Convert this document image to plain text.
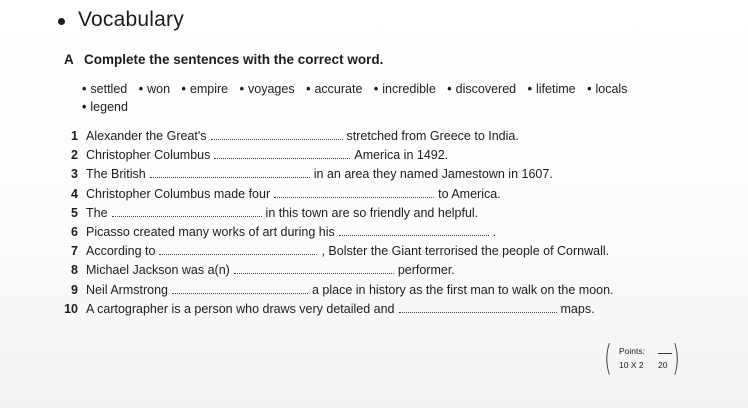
Vocabulary
A Complete the sentences with the correct word.
• settled • won • empire • voyages • accurate • incredible • discovered • lifetime • locals
• legend
1 Alexander the Great's	stretched from Greece to India.
2 Christopher Columbus	America in 1492.
3 The British	in an area they named Jamestown in 1607.
4 Christopher Columbus made four	to America.
5 The	in this town are so friendly and helpful.
6 Picasso created many works of art during his	.
7 According to	, Bolster the Giant terrorised the people of Cornwall.
8 Michael Jackson was a(n)	performer.
9 Neil Armstrong	a place in history as the first man to walk on the moon.
10 A cartographer is a person who draws very detailed and	maps.
( Points:
10 X 2 20 )
